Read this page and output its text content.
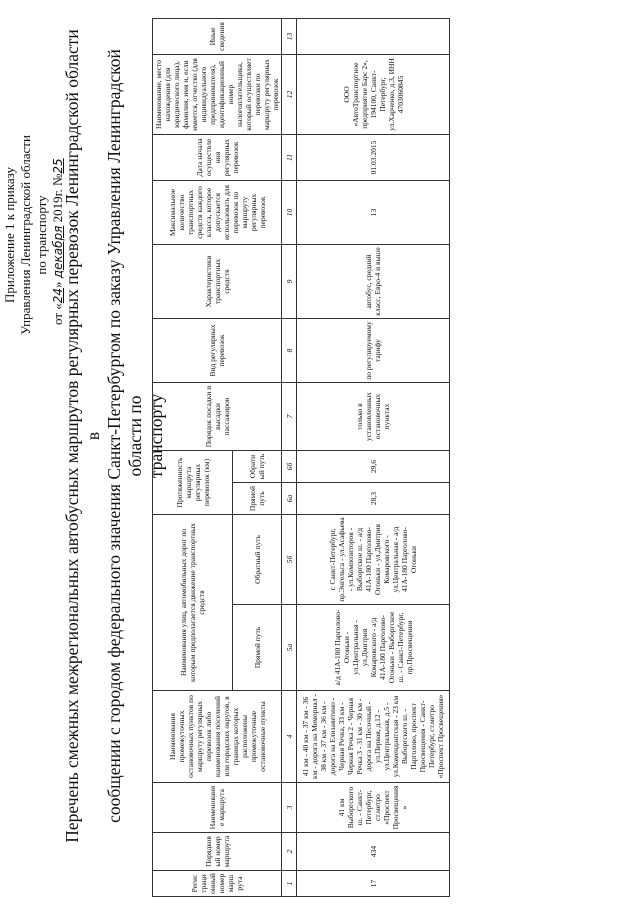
Приложение 1 к приказу Управления Ленинградской области по транспорту
от «24» декабря 2019г. №25
Перечень смежных межрегиональных автобусных маршрутов регулярных перевозок Ленинградской области в сообщении с городом федерального значения Санкт-Петербургом по заказу Управления Ленинградской области по транспорту
Регистрационный номер маршрута	Порядковый номер маршрута	Наименование маршрута	Наименования промежуточных остановочных пунктов по маршруту регулярных перевозок либо наименования поселений или городских округов, в границах которых расположены промежуточные остановочные пункты	Наименования улиц, автомобильных дорог по которым предполагается движение транспортных средств		Протяженность маршрута регулярных перевозок (км)		Порядок посадки и высадки пассажиров	Вид регулярных перевозок	Характеристики транспортных средств	Максимальное количество транспортных средств каждого класса, которое допускается использовать для перевозок по маршруту регулярных перевозок	Дата начала осуществления регулярных перевозок	Наименование, место нахождения (для юридического лица), фамилия, имя и, если имеется, отчество (для индивидуального предпринимателя), идентификационный номер налогоплательщика, который осуществляет перевозки по маршруту регулярных перевозок	Иные сведения
				Прямой путь	Обратный путь	Прямой путь	Обратный путь							
1	2	3	4	5а	5б	6а	6б	7	8	9	10	11	12	13
17	434	41 км Выборгского ш. - Санкт-Петербург, ст.метро «Проспект Просвещения»	41 км - 40 км - 37 км - 36 км - дорога на Мемориал - 38 км - 37 км - 36 км - дорога на Елизаветино - Черная Речка, 33 км - Черная Речка 2 - Черная Речка 3 - 31 км - 30 км - дорога на Песочный - ул.Первая, д.12 - ул.Центральная, д.5 - ул.Комендантская - 23 км Выборгского ш. - Парголово, проспект Просвещения - Санкт-Петербург, ст.метро «Проспект Просвещения»	а/д 41А-180 Парголово-Огоньки - ул.Центральная - ул.Дмитрия Комаровского - а/д 41А-180 Парголово-Огоньки - Выборгское ш. - Санкт-Петербург, пр.Просвещения	г. Санкт-Петербург, пр.Энгельса - ул.Асафьева - ул.Композиторов - Выборгское ш. - а/д 41А-180 Парголово-Огоньки - ул.Дмитрия Комаровского - ул.Центральная - а/д 41А-180 Парголово-Огоньки	28,3	29,6	только в установленных остановочных пунктах	по регулируемому тарифу	автобус, средний класс, Евро-4 и выше	13	01.03.2015	ООО «АвтоТранспортное предприятие Барс 2», 194100, Санкт-Петербург, ул.Харченко, д.3, ИНН 4703060845	
